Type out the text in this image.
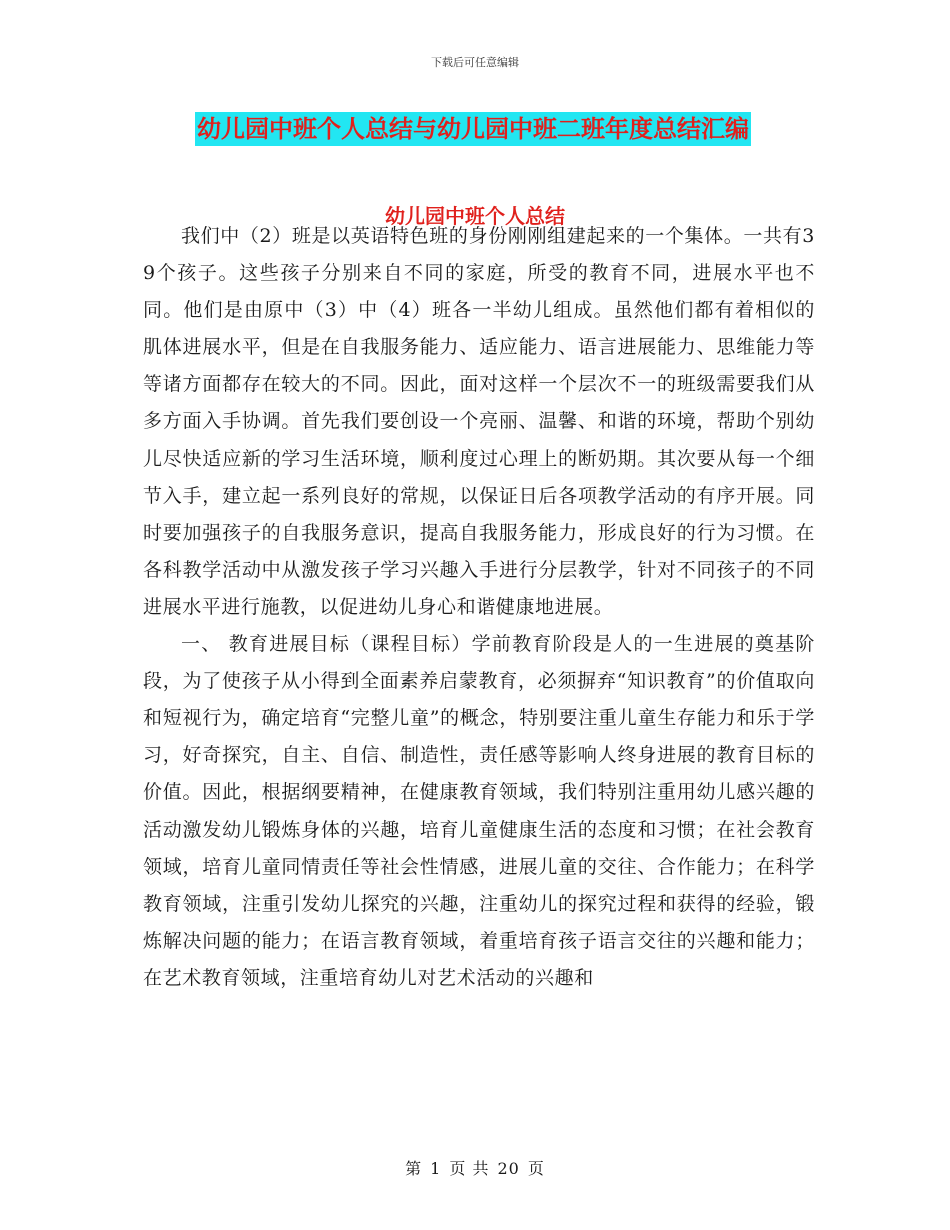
下载后可任意编辑
幼儿园中班个人总结与幼儿园中班二班年度总结汇编
幼儿园中班个人总结

我们中（2）班是以英语特色班的身份刚刚组建起来的一个集体。一共有39个孩子。这些孩子分别来自不同的家庭，所受的教育不同，进展水平也不同。他们是由原中（3）中（4）班各一半幼儿组成。虽然他们都有着相似的肌体进展水平，但是在自我服务能力、适应能力、语言进展能力、思维能力等等诸方面都存在较大的不同。因此，面对这样一个层次不一的班级需要我们从多方面入手协调。首先我们要创设一个亮丽、温馨、和谐的环境，帮助个别幼儿尽快适应新的学习生活环境，顺利度过心理上的断奶期。其次要从每一个细节入手，建立起一系列良好的常规，以保证日后各项教学活动的有序开展。同时要加强孩子的自我服务意识，提高自我服务能力，形成良好的行为习惯。在各科教学活动中从激发孩子学习兴趣入手进行分层教学，针对不同孩子的不同进展水平进行施教，以促进幼儿身心和谐健康地进展。

一、 教育进展目标（课程目标）学前教育阶段是人的一生进展的奠基阶段，为了使孩子从小得到全面素养启蒙教育，必须摒弃“知识教育”的价值取向和短视行为，确定培育“完整儿童”的概念，特别要注重儿童生存能力和乐于学习，好奇探究，自主、自信、制造性，责任感等影响人终身进展的教育目标的价值。因此，根据纲要精神，在健康教育领域，我们特别注重用幼儿感兴趣的活动激发幼儿锻炼身体的兴趣，培育儿童健康生活的态度和习惯；在社会教育领域，培育儿童同情责任等社会性情感，进展儿童的交往、合作能力；在科学教育领域，注重引发幼儿探究的兴趣，注重幼儿的探究过程和获得的经验，锻炼解决问题的能力；在语言教育领域，着重培育孩子语言交往的兴趣和能力；在艺术教育领域，注重培育幼儿对艺术活动的兴趣和

第 1 页 共 20 页
